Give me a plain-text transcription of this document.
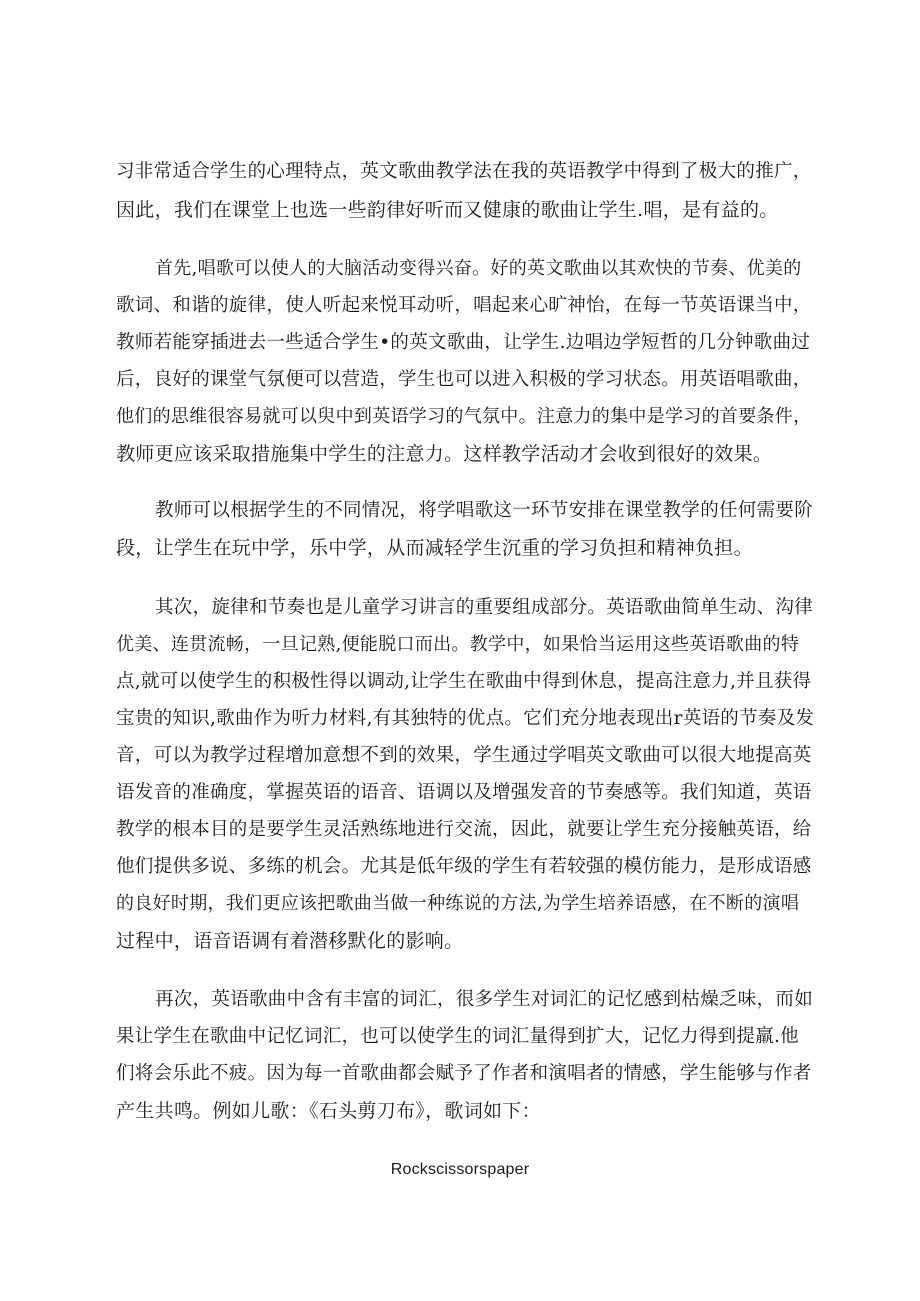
习非常适合学生的心理特点，英文歌曲教学法在我的英语教学中得到了极大的推广，
因此，我们在课堂上也选一些韵律好听而又健康的歌曲让学生.唱，是有益的。
首先,唱歌可以使人的大脑活动变得兴奋。好的英文歌曲以其欢快的节奏、优美的
歌词、和谐的旋律，使人听起来悦耳动听，唱起来心旷神怡，在每一节英语课当中，
教师若能穿插进去一些适合学生•的英文歌曲，让学生.边唱边学短哲的几分钟歌曲过
后，良好的课堂气氛便可以营造，学生也可以进入积极的学习状态。用英语唱歌曲，
他们的思维很容易就可以臾中到英语学习的气氛中。注意力的集中是学习的首要条件，
教师更应该采取措施集中学生的注意力。这样教学活动才会收到很好的效果。
教师可以根据学生的不同情况，将学唱歌这一环节安排在课堂教学的任何需要阶
段，让学生在玩中学，乐中学，从而减轻学生沉重的学习负担和精神负担。
其次，旋律和节奏也是儿童学习讲言的重要组成部分。英语歌曲简单生动、沟律
优美、连贯流畅，一旦记熟,便能脱口而出。教学中，如果恰当运用这些英语歌曲的特
点,就可以使学生的积极性得以调动,让学生在歌曲中得到休息，提高注意力,并且获得
宝贵的知识,歌曲作为听力材料,有其独特的优点。它们充分地表现出r英语的节奏及发
音，可以为教学过程增加意想不到的效果，学生通过学唱英文歌曲可以很大地提高英
语发音的准确度，掌握英语的语音、语调以及增强发音的节奏感等。我们知道，英语
教学的根本目的是要学生灵活熟练地进行交流，因此，就要让学生充分接触英语，给
他们提供多说、多练的机会。尤其是低年级的学生有若较强的模仿能力，是形成语感
的良好时期，我们更应该把歌曲当做一种练说的方法,为学生培养语感，在不断的演唱
过程中，语音语调有着潜移默化的影响。
再次，英语歌曲中含有丰富的词汇，很多学生对词汇的记忆感到枯燥乏味，而如
果让学生在歌曲中记忆词汇，也可以使学生的词汇量得到扩大，记忆力得到提羸.他
们将会乐此不疲。因为每一首歌曲都会赋予了作者和演唱者的情感，学生能够与作者
产生共鸣。例如儿歌：《石头剪刀布》，歌词如下：
Rockscissorspaper
